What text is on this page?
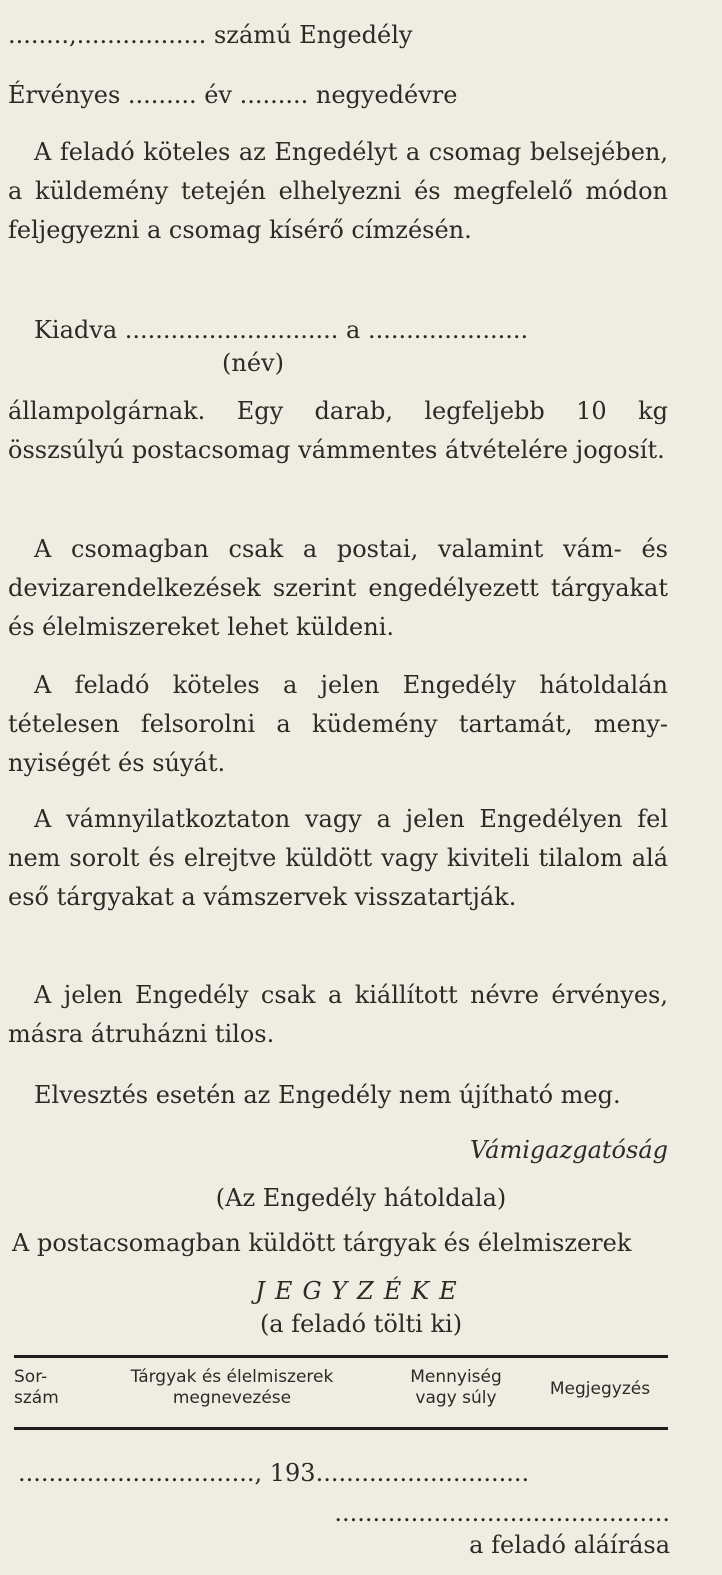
........,................. számú Engedély
Érvényes ......... év ......... negyedévre
A feladó köteles az Engedélyt a csomag belsejében, a küldemény tetején elhelyezni és megfelelő módon feljegyezni a csomag kísérő címzésén.
Kiadva ............................ a .....................
(név)
állampolgárnak. Egy darab, legfeljebb 10 kg összsúlyú postacsomag vámmentes átvételére jogosít.
A csomagban csak a postai, valamint vám- és devizarendelkezések szerint engedélyezett tárgyakat és élelmiszereket lehet küldeni.
A feladó köteles a jelen Engedély hátoldalán tételesen felsorolni a küdemény tartamát, menynyiségét és súyát.
A vámnyilatkoztaton vagy a jelen Engedélyen fel nem sorolt és elrejtve küldött vagy kiviteli tilalom alá eső tárgyakat a vámszervek visszatartják.
A jelen Engedély csak a kiállított névre érvényes, másra átruházni tilos.
Elvesztés esetén az Engedély nem újítható meg.
Vámigazgatóság
(Az Engedély hátoldala)
A postacsomagban küldött tárgyak és élelmiszerek
JEGYZÉKE
(a feladó tölti ki)
Sor-
szám
Tárgyak és élelmiszerek
megnevezése
Mennyiség
vagy súly	Megjegyzés
..............................., 193............................
............................................
a feladó aláírása
